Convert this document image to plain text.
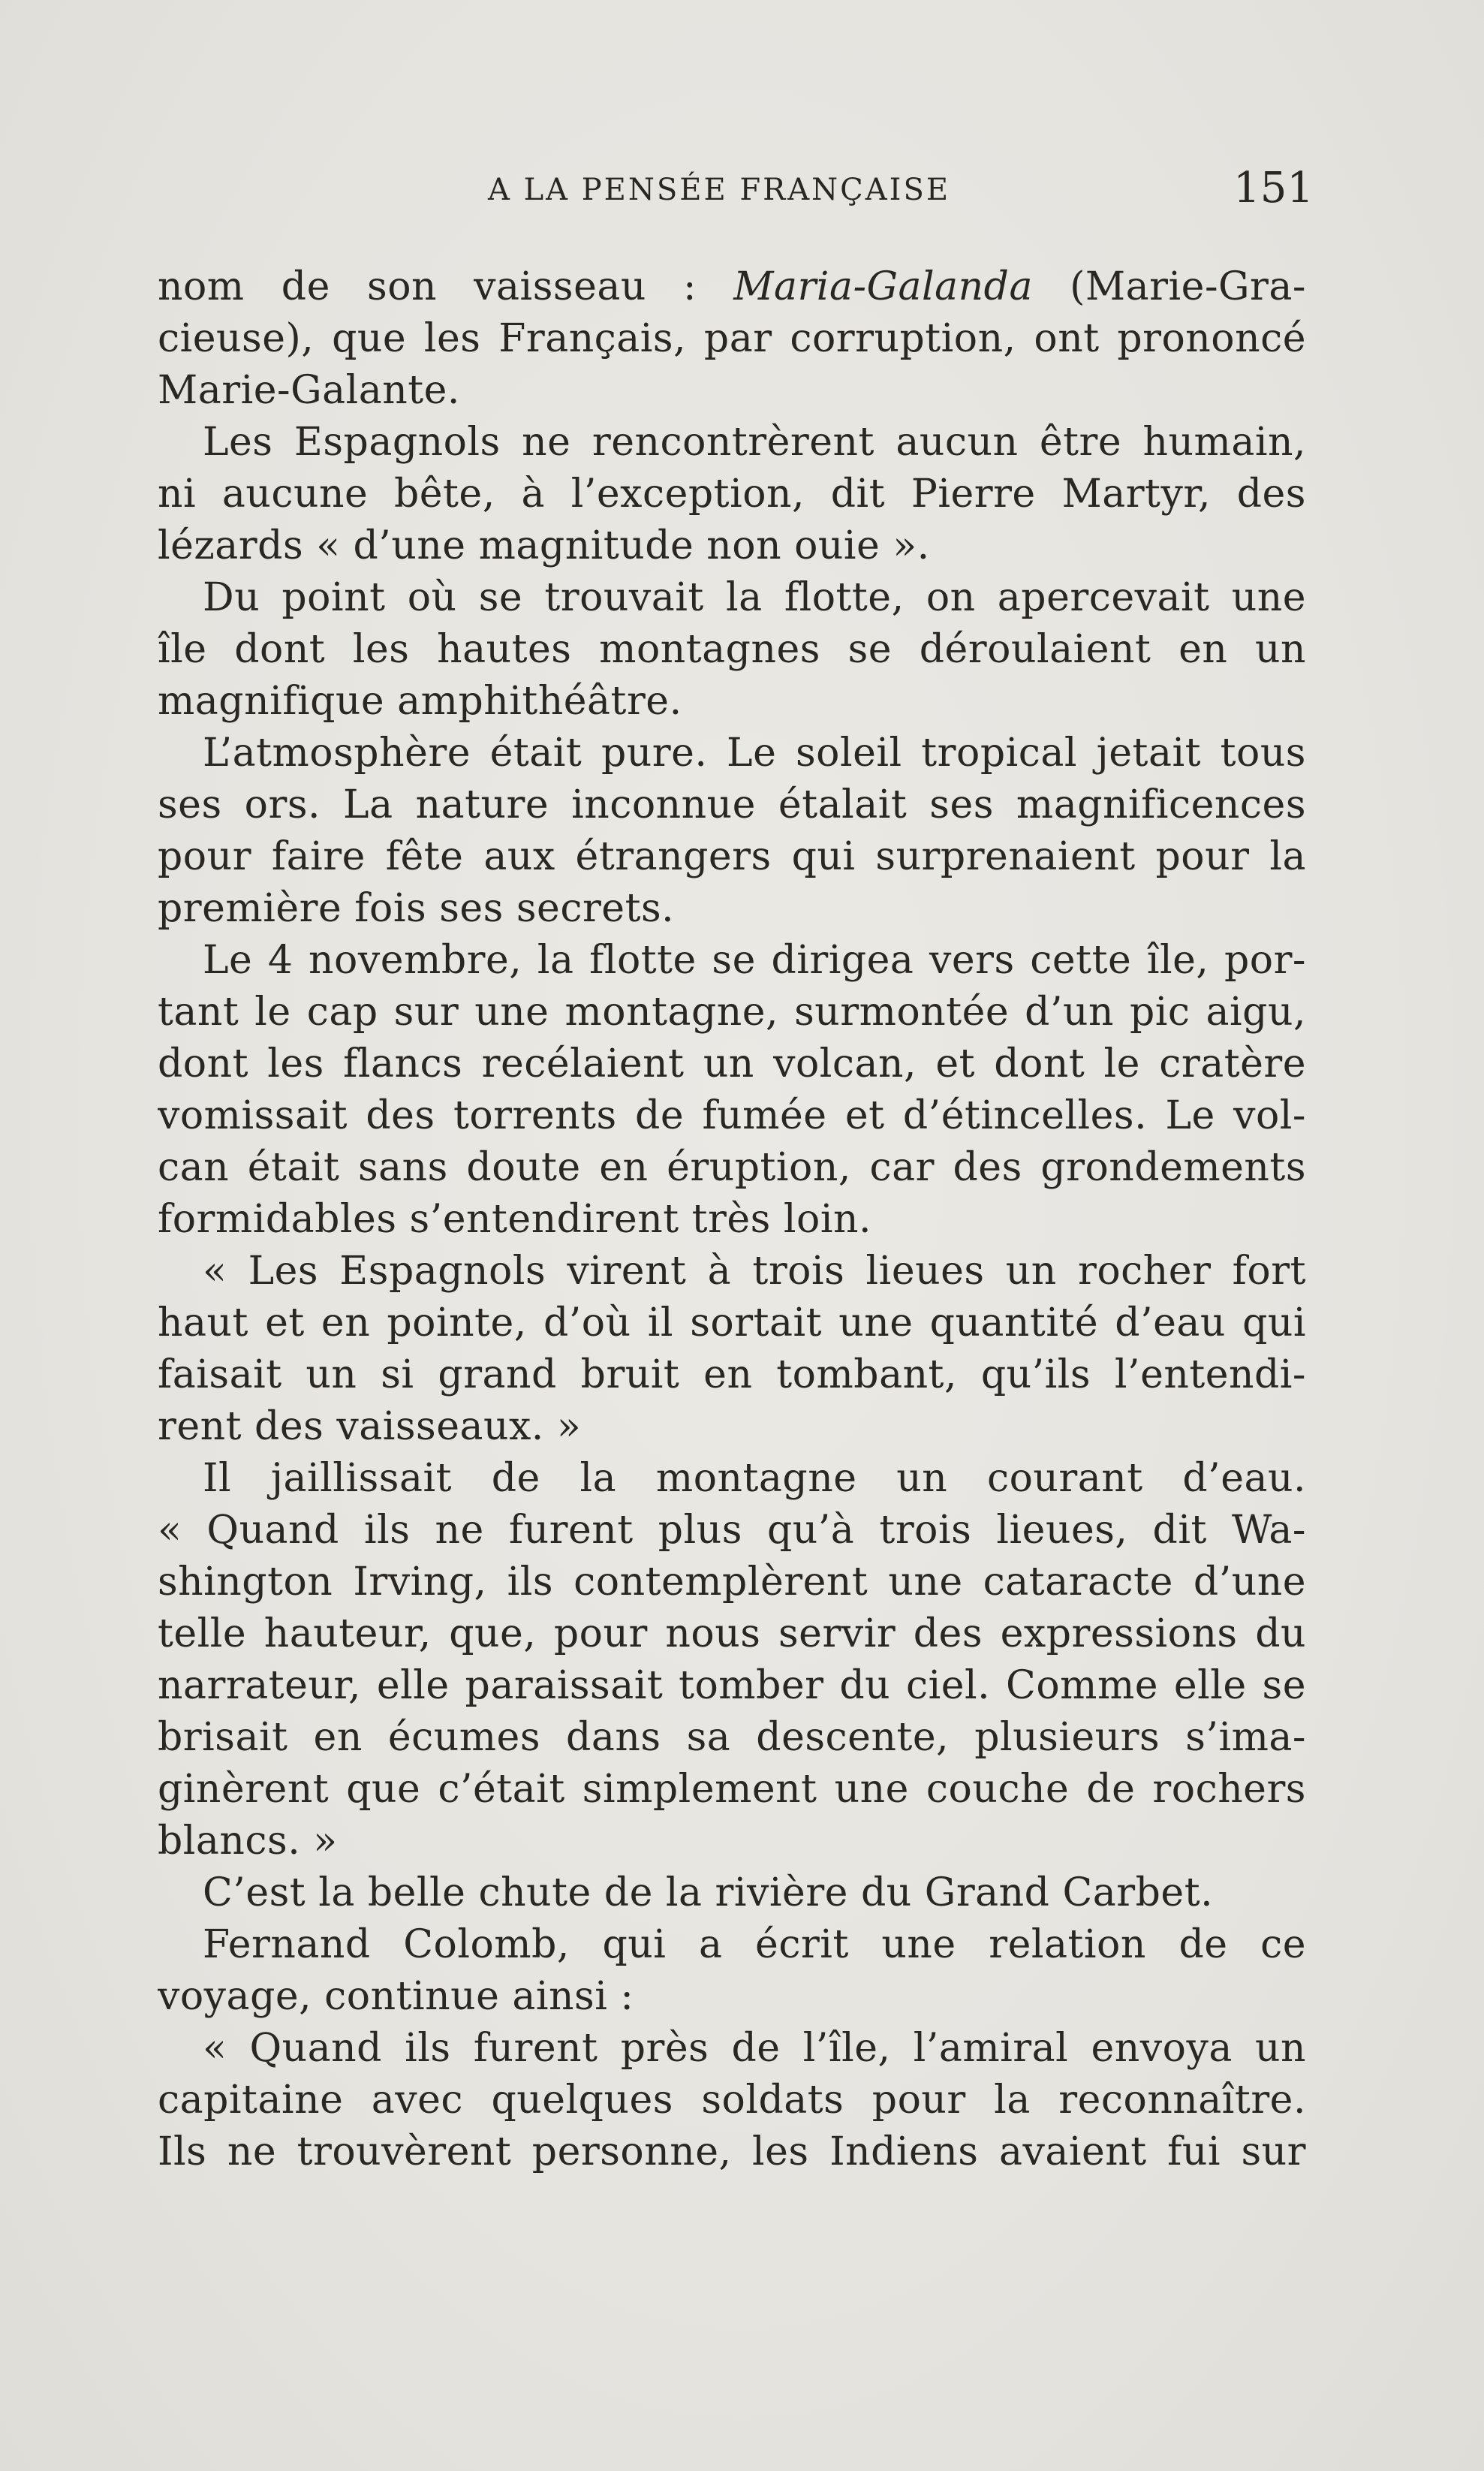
A LA PENSÉE FRANÇAISE	151
nom de son vaisseau : Maria-Galanda (Marie-Gra-
cieuse), que les Français, par corruption, ont prononcé
Marie-Galante.
Les Espagnols ne rencontrèrent aucun être humain,
ni aucune bête, à l’exception, dit Pierre Martyr, des
lézards « d’une magnitude non ouie ».
Du point où se trouvait la flotte, on apercevait une
île dont les hautes montagnes se déroulaient en un
magnifique amphithéâtre.
L’atmosphère était pure. Le soleil tropical jetait tous
ses ors. La nature inconnue étalait ses magnificences
pour faire fête aux étrangers qui surprenaient pour la
première fois ses secrets.
Le 4 novembre, la flotte se dirigea vers cette île, por-
tant le cap sur une montagne, surmontée d’un pic aigu,
dont les flancs recélaient un volcan, et dont le cratère
vomissait des torrents de fumée et d’étincelles. Le vol-
can était sans doute en éruption, car des grondements
formidables s’entendirent très loin.
« Les Espagnols virent à trois lieues un rocher fort
haut et en pointe, d’où il sortait une quantité d’eau qui
faisait un si grand bruit en tombant, qu’ils l’entendi-
rent des vaisseaux. »
Il jaillissait de la montagne un courant d’eau.
« Quand ils ne furent plus qu’à trois lieues, dit Wa-
shington Irving, ils contemplèrent une cataracte d’une
telle hauteur, que, pour nous servir des expressions du
narrateur, elle paraissait tomber du ciel. Comme elle se
brisait en écumes dans sa descente, plusieurs s’ima-
ginèrent que c’était simplement une couche de rochers
blancs. »
C’est la belle chute de la rivière du Grand Carbet.
Fernand Colomb, qui a écrit une relation de ce
voyage, continue ainsi :
« Quand ils furent près de l’île, l’amiral envoya un
capitaine avec quelques soldats pour la reconnaître.
Ils ne trouvèrent personne, les Indiens avaient fui sur
